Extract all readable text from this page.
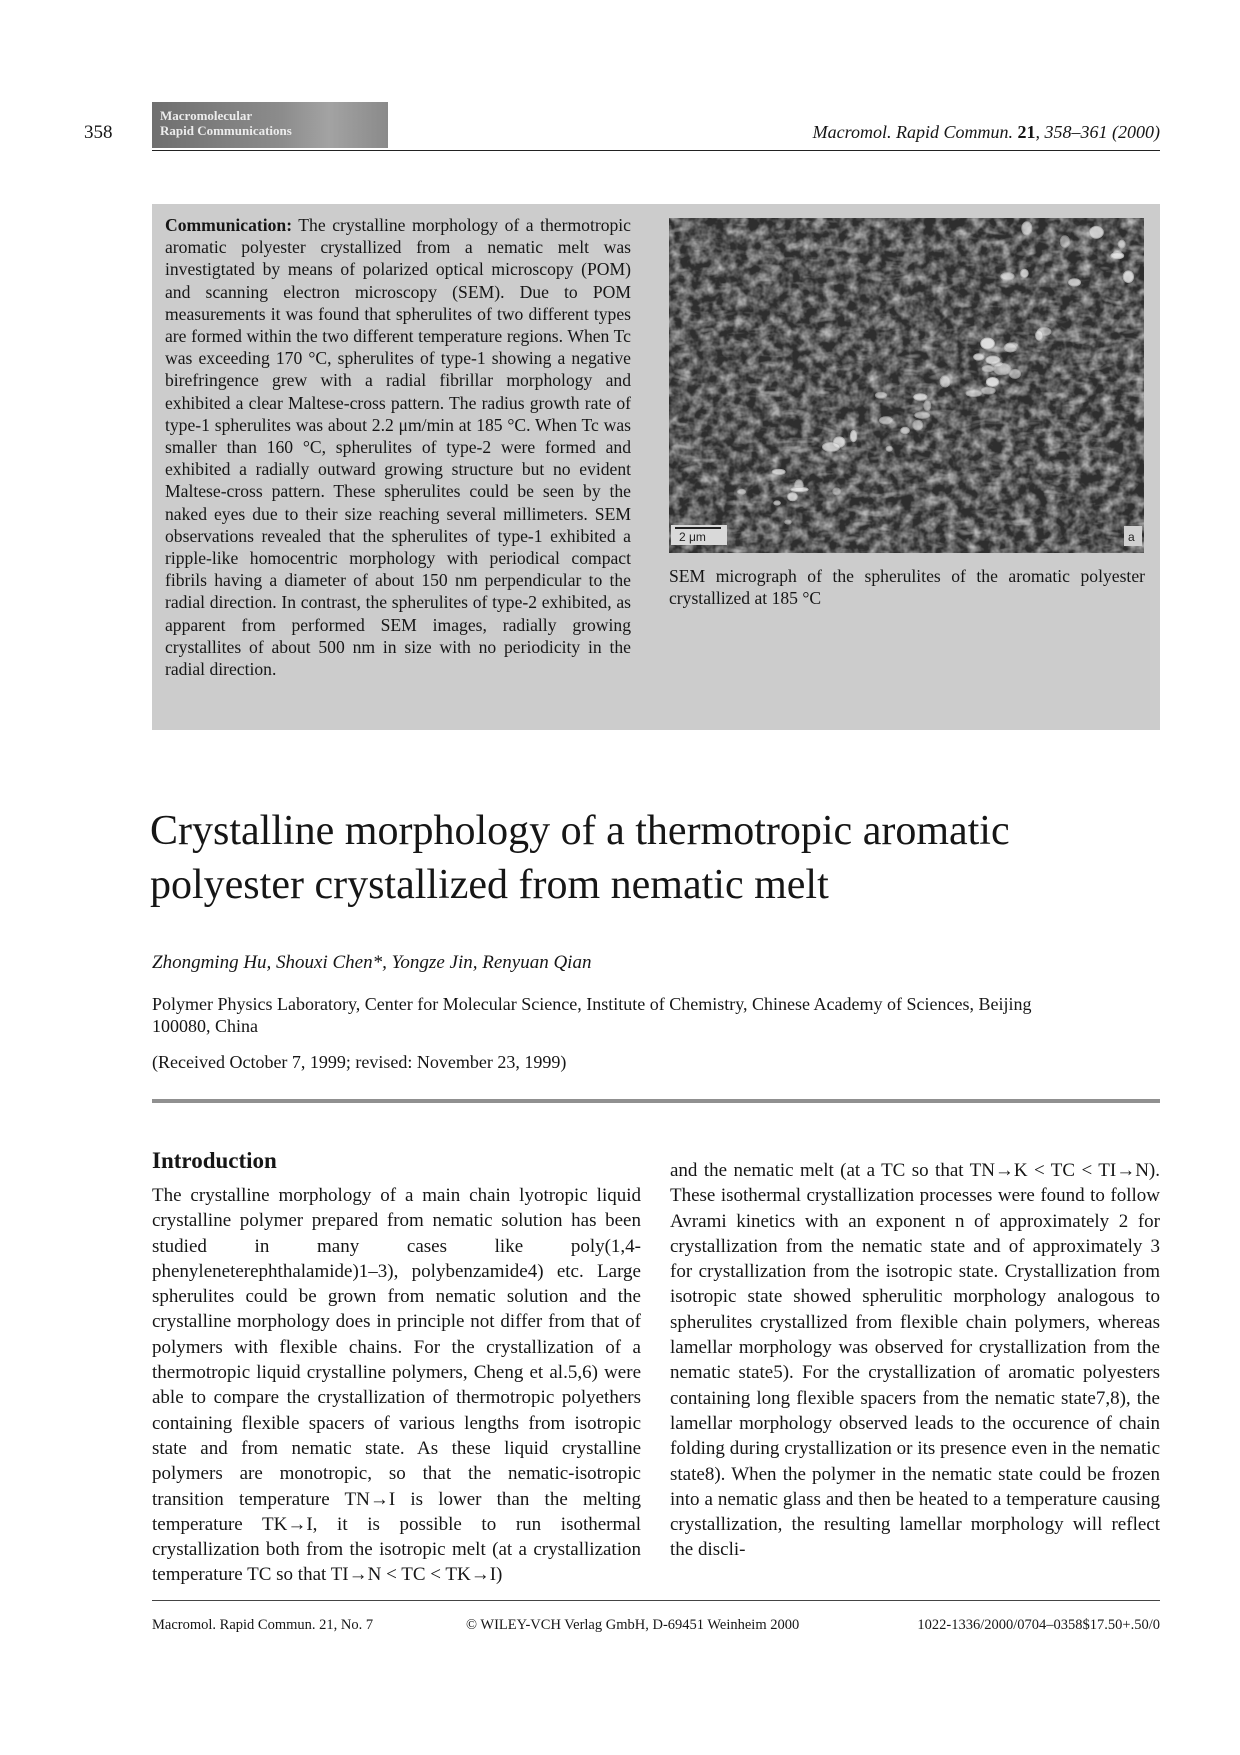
358
Macromolecular
Rapid Communications	Macromol. Rapid Commun. 21, 358–361 (2000)
Communication: The crystalline morphology of a thermotropic aromatic polyester crystallized from a nematic melt was investigtated by means of polarized optical microscopy (POM) and scanning electron microscopy (SEM). Due to POM measurements it was found that spherulites of two different types are formed within the two different temperature regions. When Tc was exceeding 170 °C, spherulites of type-1 showing a negative birefringence grew with a radial fibrillar morphology and exhibited a clear Maltese-cross pattern. The radius growth rate of type-1 spherulites was about 2.2 μm/min at 185 °C. When Tc was smaller than 160 °C, spherulites of type-2 were formed and exhibited a radially outward growing structure but no evident Maltese-cross pattern. These spherulites could be seen by the naked eyes due to their size reaching several millimeters. SEM observations revealed that the spherulites of type-1 exhibited a ripple-like homocentric morphology with periodical compact fibrils having a diameter of about 150 nm perpendicular to the radial direction. In contrast, the spherulites of type-2 exhibited, as apparent from performed SEM images, radially growing crystallites of about 500 nm in size with no periodicity in the radial direction.
2 μm	a
SEM micrograph of the spherulites of the aromatic polyester crystallized at 185 °C
Crystalline morphology of a thermotropic aromatic polyester crystallized from nematic melt
Zhongming Hu, Shouxi Chen*, Yongze Jin, Renyuan Qian
Polymer Physics Laboratory, Center for Molecular Science, Institute of Chemistry, Chinese Academy of Sciences, Beijing 100080, China
(Received October 7, 1999; revised: November 23, 1999)
Introduction
The crystalline morphology of a main chain lyotropic liquid crystalline polymer prepared from nematic solution has been studied in many cases like poly(1,4-phenyleneterephthalamide)1–3), polybenzamide4) etc. Large spherulites could be grown from nematic solution and the crystalline morphology does in principle not differ from that of polymers with flexible chains. For the crystallization of a thermotropic liquid crystalline polymers, Cheng et al.5,6) were able to compare the crystallization of thermotropic polyethers containing flexible spacers of various lengths from isotropic state and from nematic state. As these liquid crystalline polymers are monotropic, so that the nematic-isotropic transition temperature TN→I is lower than the melting temperature TK→I, it is possible to run isothermal crystallization both from the isotropic melt (at a crystallization temperature TC so that TI→N < TC < TK→I)
and the nematic melt (at a TC so that TN→K < TC < TI→N). These isothermal crystallization processes were found to follow Avrami kinetics with an exponent n of approximately 2 for crystallization from the nematic state and of approximately 3 for crystallization from the isotropic state. Crystallization from isotropic state showed spherulitic morphology analogous to spherulites crystallized from flexible chain polymers, whereas lamellar morphology was observed for crystallization from the nematic state5). For the crystallization of aromatic polyesters containing long flexible spacers from the nematic state7,8), the lamellar morphology observed leads to the occurence of chain folding during crystallization or its presence even in the nematic state8). When the polymer in the nematic state could be frozen into a nematic glass and then be heated to a temperature causing crystallization, the resulting lamellar morphology will reflect the discli-
Macromol. Rapid Commun. 21, No. 7	© WILEY-VCH Verlag GmbH, D-69451 Weinheim 2000	1022-1336/2000/0704–0358$17.50+.50/0
